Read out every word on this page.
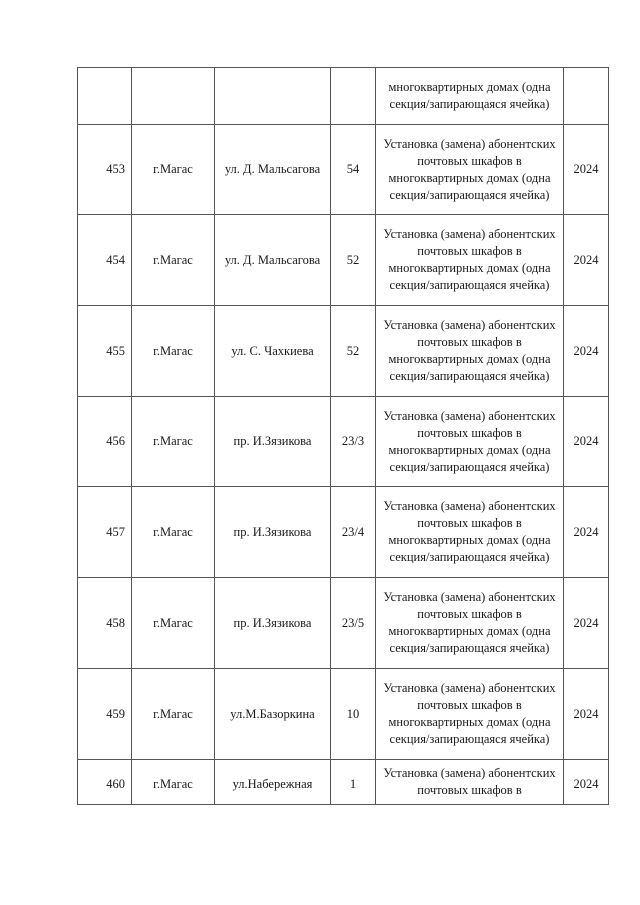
				многоквартирных домах (одна
секция/запирающаяся ячейка)	

453	г.Магас	ул. Д. Мальсагова	54	Установка (замена) абонентских
почтовых шкафов в
многоквартирных домах (одна
секция/запирающаяся ячейка)	2024
454	г.Магас	ул. Д. Мальсагова	52	Установка (замена) абонентских
почтовых шкафов в
многоквартирных домах (одна
секция/запирающаяся ячейка)	2024
455	г.Магас	ул. С. Чахкиева	52	Установка (замена) абонентских
почтовых шкафов в
многоквартирных домах (одна
секция/запирающаяся ячейка)	2024
456	г.Магас	пр. И.Зязикова	23/3	Установка (замена) абонентских
почтовых шкафов в
многоквартирных домах (одна
секция/запирающаяся ячейка)	2024
457	г.Магас	пр. И.Зязикова	23/4	Установка (замена) абонентских
почтовых шкафов в
многоквартирных домах (одна
секция/запирающаяся ячейка)	2024
458	г.Магас	пр. И.Зязикова	23/5	Установка (замена) абонентских
почтовых шкафов в
многоквартирных домах (одна
секция/запирающаяся ячейка)	2024
459	г.Магас	ул.М.Базоркина	10	Установка (замена) абонентских
почтовых шкафов в
многоквартирных домах (одна
секция/запирающаяся ячейка)	2024
460	г.Магас	ул.Набережная	1	Установка (замена) абонентских
почтовых шкафов в	2024
